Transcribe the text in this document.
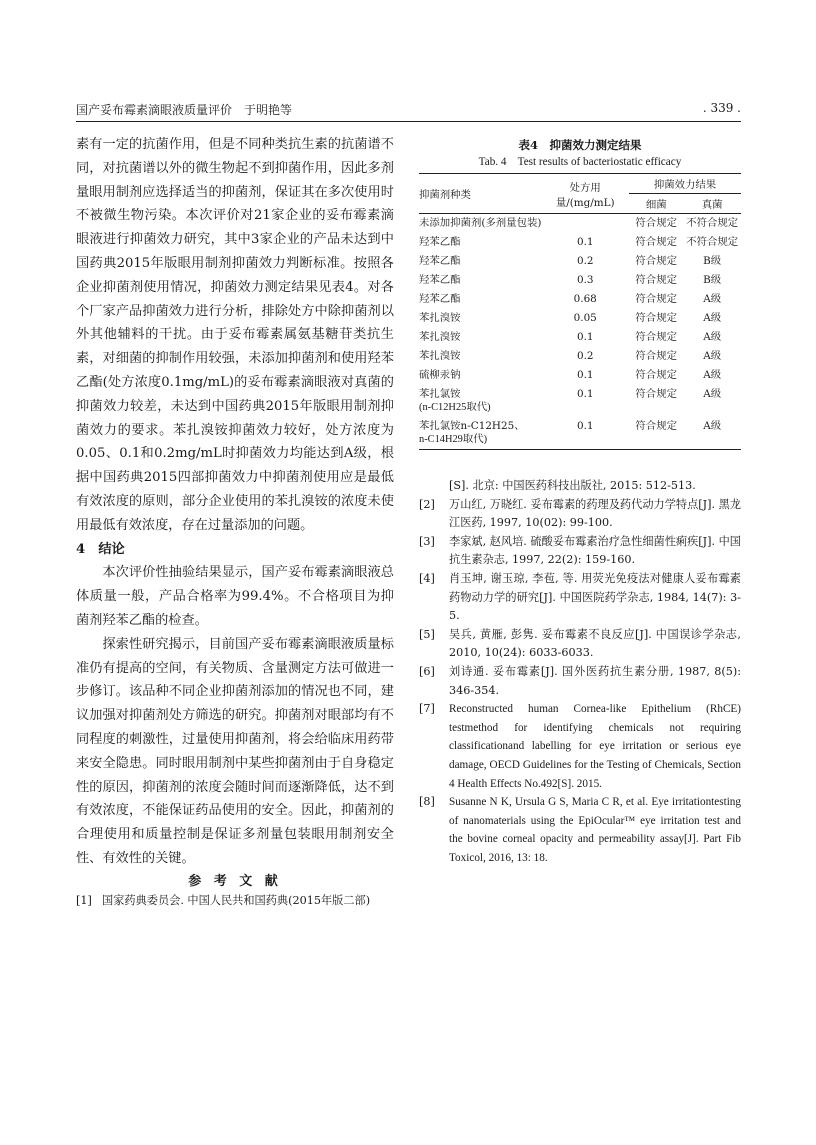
国产妥布霉素滴眼液质量评价　于明艳等	. 339 .

素有一定的抗菌作用，但是不同种类抗生素的抗菌谱不同，对抗菌谱以外的微生物起不到抑菌作用，因此多剂量眼用制剂应选择适当的抑菌剂，保证其在多次使用时不被微生物污染。本次评价对21家企业的妥布霉素滴眼液进行抑菌效力研究，其中3家企业的产品未达到中国药典2015年版眼用制剂抑菌效力判断标准。按照各企业抑菌剂使用情况，抑菌效力测定结果见表4。对各个厂家产品抑菌效力进行分析，排除处方中除抑菌剂以外其他辅料的干扰。由于妥布霉素属氨基糖苷类抗生素，对细菌的抑制作用较强，未添加抑菌剂和使用羟苯乙酯(处方浓度0.1mg/mL)的妥布霉素滴眼液对真菌的抑菌效力较差，未达到中国药典2015年版眼用制剂抑菌效力的要求。苯扎溴铵抑菌效力较好，处方浓度为0.05、0.1和0.2mg/mL时抑菌效力均能达到A级，根据中国药典2015四部抑菌效力中抑菌剂使用应是最低有效浓度的原则，部分企业使用的苯扎溴铵的浓度未使用最低有效浓度，存在过量添加的问题。

4　结论

本次评价性抽验结果显示，国产妥布霉素滴眼液总体质量一般，产品合格率为99.4%。不合格项目为抑菌剂羟苯乙酯的检查。

探索性研究揭示，目前国产妥布霉素滴眼液质量标准仍有提高的空间，有关物质、含量测定方法可做进一步修订。该品种不同企业抑菌剂添加的情况也不同，建议加强对抑菌剂处方筛选的研究。抑菌剂对眼部均有不同程度的刺激性，过量使用抑菌剂，将会给临床用药带来安全隐患。同时眼用制剂中某些抑菌剂由于自身稳定性的原因，抑菌剂的浓度会随时间而逐渐降低，达不到有效浓度，不能保证药品使用的安全。因此，抑菌剂的合理使用和质量控制是保证多剂量包装眼用制剂安全性、有效性的关键。

参 考 文 献
[1] 国家药典委员会. 中国人民共和国药典(2015年版二部)
表4　抑菌效力测定结果
Tab. 4　Test results of bacteriostatic efficacy
抑菌剂种类	处方用量/(mg/mL)	抑菌效力结果	
		细菌	真菌
未添加抑菌剂(多剂量包装)		符合规定	不符合规定
羟苯乙酯	0.1	符合规定	不符合规定
羟苯乙酯	0.2	符合规定	B级
羟苯乙酯	0.3	符合规定	B级
羟苯乙酯	0.68	符合规定	A级
苯扎溴铵	0.05	符合规定	A级
苯扎溴铵	0.1	符合规定	A级
苯扎溴铵	0.2	符合规定	A级
硫柳汞钠	0.1	符合规定	A级

苯扎氯铵
(n-C12H25取代)	0.1	符合规定	A级

苯扎氯铵n-C12H25、
n-C14H29取代)	0.1	符合规定	A级
[S]. 北京: 中国医药科技出版社, 2015: 512-513.
[2]	万山红, 万晓红. 妥布霉素的药理及药代动力学特点[J]. 黑龙江医药, 1997, 10(02): 99-100.
[3]	李家斌, 赵风培. 硫酸妥布霉素治疗急性细菌性痢疾[J]. 中国抗生素杂志, 1997, 22(2): 159-160.
[4]	肖玉坤, 谢玉琼, 李苞, 等. 用荧光免疫法对健康人妥布霉素药物动力学的研究[J]. 中国医院药学杂志, 1984, 14(7): 3-5.
[5]	吴兵, 黄雁, 彭隽. 妥布霉素不良反应[J]. 中国误诊学杂志, 2010, 10(24): 6033-6033.
[6]	刘诗通. 妥布霉素[J]. 国外医药抗生素分册, 1987, 8(5): 346-354.
[7]	Reconstructed human Cornea-like Epithelium (RhCE) testmethod for identifying chemicals not requiring classificationand labelling for eye irritation or serious eye damage, OECD Guidelines for the Testing of Chemicals, Section 4 Health Effects No.492[S]. 2015.
[8]	Susanne N K, Ursula G S, Maria C R, et al. Eye irritationtesting of nanomaterials using the EpiOcular™ eye irritation test and the bovine corneal opacity and permeability assay[J]. Part Fib Toxicol, 2016, 13: 18.
